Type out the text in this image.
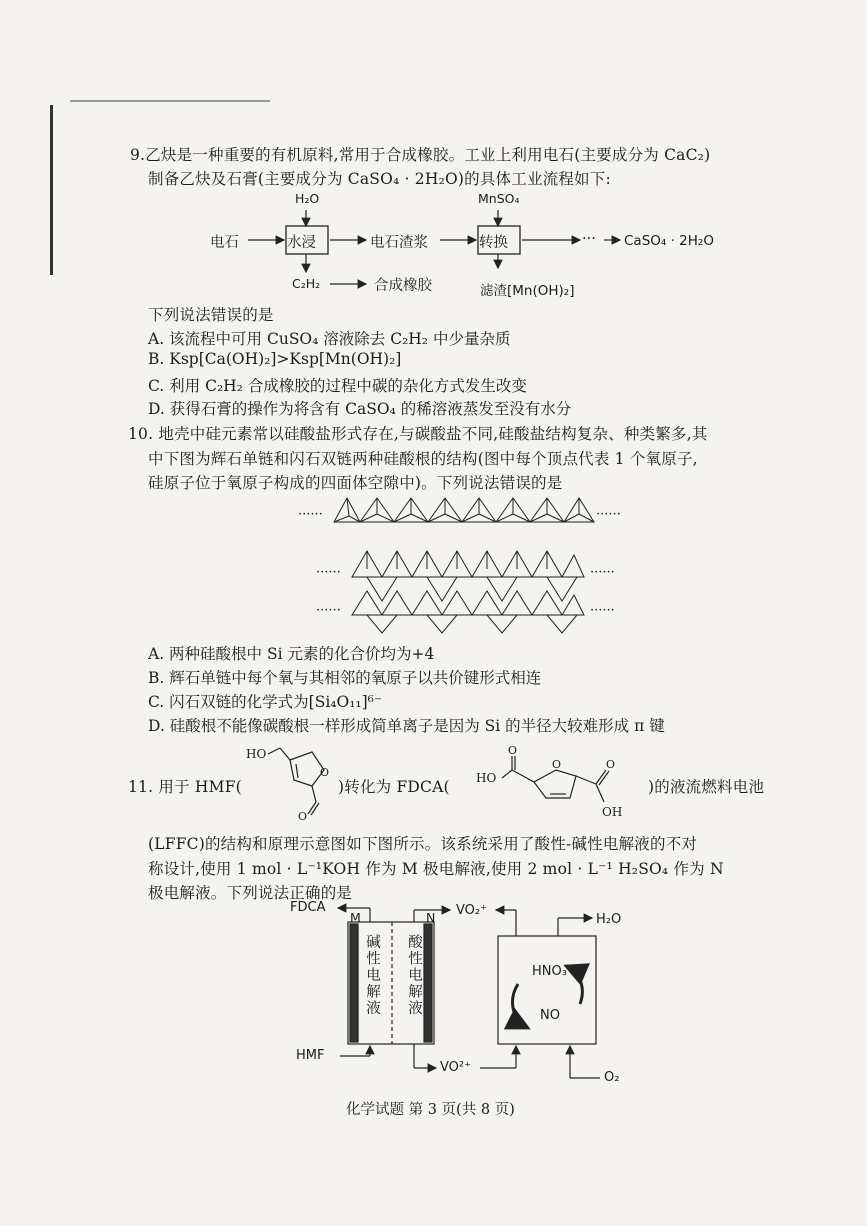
9.乙炔是一种重要的有机原料,常用于合成橡胶。工业上利用电石(主要成分为 CaC₂)
制备乙炔及石膏(主要成分为 CaSO₄ · 2H₂O)的具体工业流程如下:
H₂O	MnSO₄
电石	水浸	电石渣浆	转换	··· CaSO₄ · 2H₂O
C₂H₂	合成橡胶	滤渣[Mn(OH)₂]
下列说法错误的是
A. 该流程中可用 CuSO₄ 溶液除去 C₂H₂ 中少量杂质
B. Ksp[Ca(OH)₂]>Ksp[Mn(OH)₂]
C. 利用 C₂H₂ 合成橡胶的过程中碳的杂化方式发生改变
D. 获得石膏的操作为将含有 CaSO₄ 的稀溶液蒸发至没有水分
10. 地壳中硅元素常以硅酸盐形式存在,与碳酸盐不同,硅酸盐结构复杂、种类繁多,其
中下图为辉石单链和闪石双链两种硅酸根的结构(图中每个顶点代表 1 个氧原子,
硅原子位于氧原子构成的四面体空隙中)。下列说法错误的是
······	······
······	······
······	······
A. 两种硅酸根中 Si 元素的化合价均为+4
B. 辉石单链中每个氧与其相邻的氧原子以共价键形式相连
C. 闪石双链的化学式为[Si₄O₁₁]⁶⁻
D. 硅酸根不能像碳酸根一样形成简单离子是因为 Si 的半径大较难形成 π 键
11. 用于 HMF(
HO
O
O
)转化为 FDCA( HO
O
O	O
OH
)的液流燃料电池
(LFFC)的结构和原理示意图如下图所示。该系统采用了酸性-碱性电解液的不对
称设计,使用 1 mol · L⁻¹KOH 作为 M 极电解液,使用 2 mol · L⁻¹ H₂SO₄ 作为 N
极电解液。下列说法正确的是
FDCA
M	N VO₂⁺
H₂O
碱性电解液 酸性电解液	HNO₃
NO
HMF
VO²⁺
O₂
化学试题 第 3 页(共 8 页)
